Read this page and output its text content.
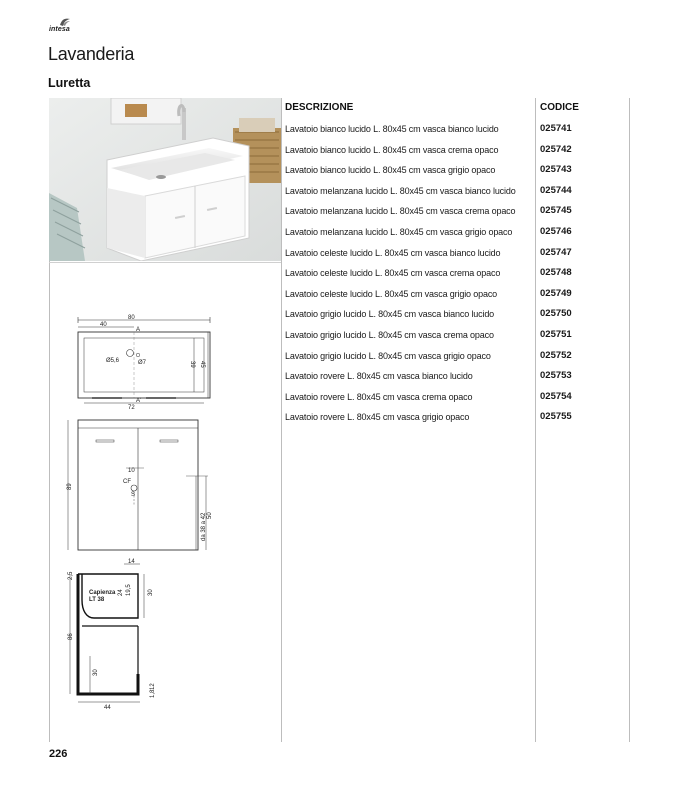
intesa
Lavanderia
Luretta
DESCRIZIONE	CODICE
Lavatoio bianco lucido L. 80x45 cm vasca bianco lucido	025741
Lavatoio bianco lucido L. 80x45 cm vasca crema opaco	025742
Lavatoio bianco lucido L. 80x45 cm vasca grigio opaco	025743
Lavatoio melanzana lucido L. 80x45 cm vasca bianco lucido	025744
Lavatoio melanzana lucido L. 80x45 cm vasca crema opaco	025745
Lavatoio melanzana lucido L. 80x45 cm vasca grigio opaco	025746
Lavatoio celeste lucido L. 80x45 cm vasca bianco lucido	025747
Lavatoio celeste lucido L. 80x45 cm vasca crema opaco	025748
Lavatoio celeste lucido L. 80x45 cm vasca grigio opaco	025749
Lavatoio grigio lucido L. 80x45 cm vasca bianco lucido	025750
Lavatoio grigio lucido L. 80x45 cm vasca crema opaco	025751
Lavatoio grigio lucido L. 80x45 cm vasca grigio opaco	025752
Lavatoio rovere L. 80x45 cm vasca bianco lucido	025753
Lavatoio rovere L. 80x45 cm vasca crema opaco	025754
Lavatoio rovere L. 80x45 cm vasca grigio opaco	025755
80
40
A
Ø5,6	Ø7	39 45
A'
72
89
10
CF
S
da 38 a 42 50
14
2,5
Capienza
LT 38
24 19,5	30
86
30
12
1,8
44
226
